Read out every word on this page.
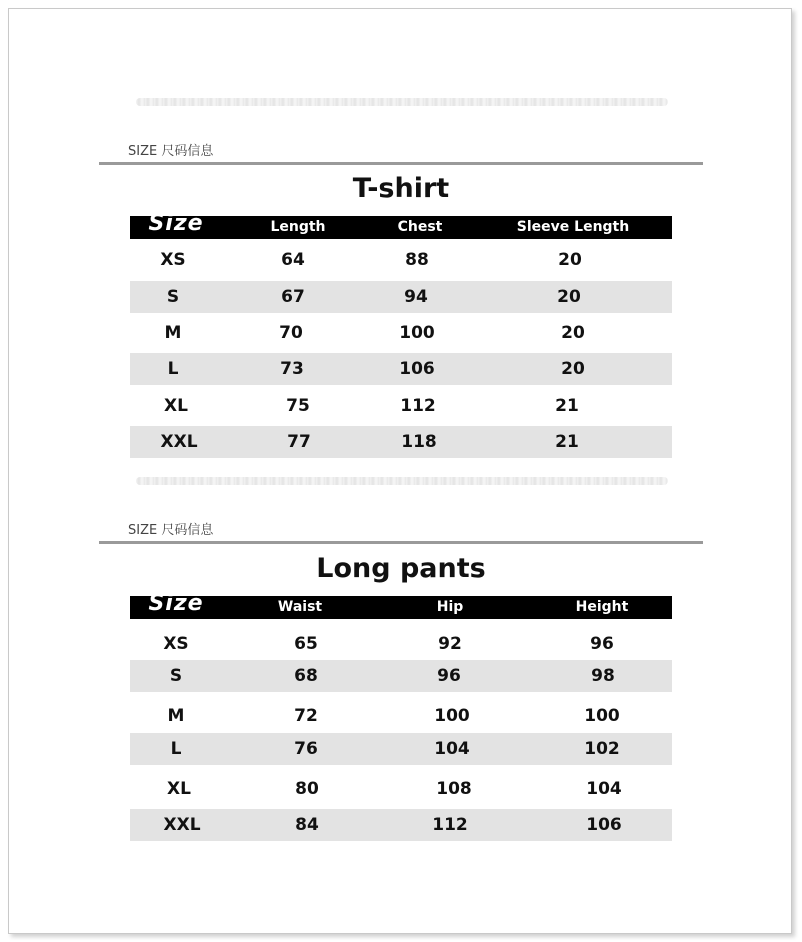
SIZE 尺码信息
T-shirt
Size	Length	Chest	Sleeve Length
XS	64	88	20
S	67	94	20
M	70	100	20
L	73	106	20
XL	75	112	21
XXL	77	118	21
SIZE 尺码信息
Long pants
Size	Waist	Hip	Height
XS	65	92	96
S	68	96	98
M	72	100	100
L	76	104	102
XL	80	108	104
XXL	84	112	106
